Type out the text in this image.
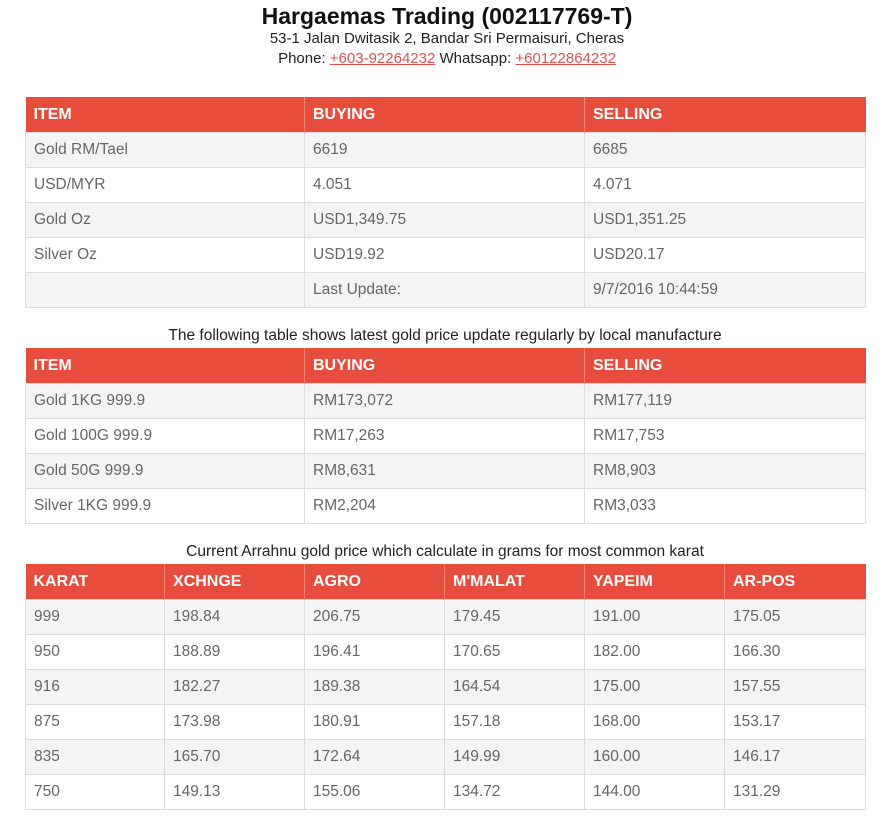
Hargaemas Trading (002117769-T)
53-1 Jalan Dwitasik 2, Bandar Sri Permaisuri, Cheras
Phone: +603-92264232 Whatsapp: +60122864232
ITEM	BUYING	SELLING
Gold RM/Tael	6619	6685
USD/MYR	4.051	4.071
Gold Oz	USD1,349.75	USD1,351.25
Silver Oz	USD19.92	USD20.17
	Last Update:	9/7/2016 10:44:59
The following table shows latest gold price update regularly by local manufacture
ITEM	BUYING	SELLING
Gold 1KG 999.9	RM173,072	RM177,119
Gold 100G 999.9	RM17,263	RM17,753
Gold 50G 999.9	RM8,631	RM8,903
Silver 1KG 999.9	RM2,204	RM3,033
Current Arrahnu gold price which calculate in grams for most common karat
KARAT	XCHNGE	AGRO	M'MALAT	YAPEIM	AR-POS
999	198.84	206.75	179.45	191.00	175.05
950	188.89	196.41	170.65	182.00	166.30
916	182.27	189.38	164.54	175.00	157.55
875	173.98	180.91	157.18	168.00	153.17
835	165.70	172.64	149.99	160.00	146.17
750	149.13	155.06	134.72	144.00	131.29
